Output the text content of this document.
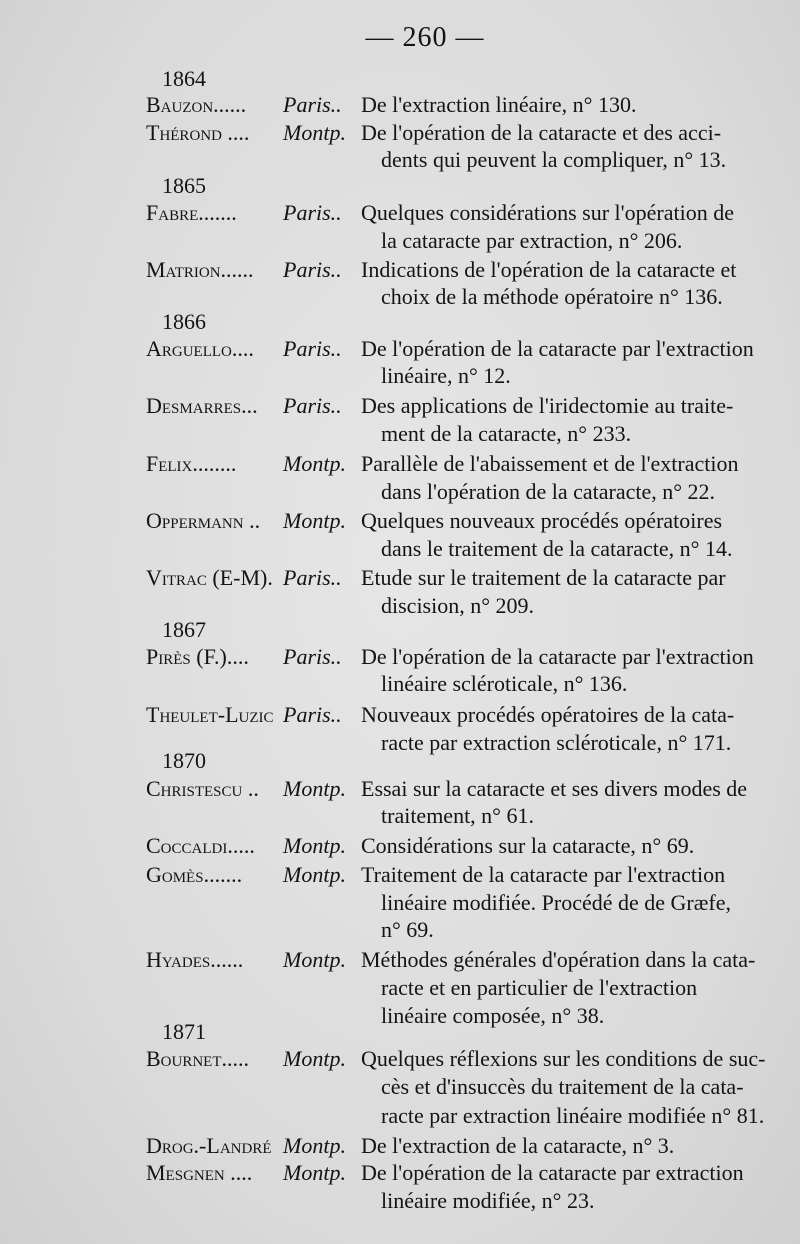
— 260 —
1864
Bauzon...... Paris.. De l'extraction linéaire, n° 130.
Thérond .... Montp. De l'opération de la cataracte et des acci-
dents qui peuvent la compliquer, n° 13.
1865
Fabre....... Paris.. Quelques considérations sur l'opération de
la cataracte par extraction, n° 206.
Matrion...... Paris.. Indications de l'opération de la cataracte et
choix de la méthode opératoire n° 136.
1866
Arguello.... Paris.. De l'opération de la cataracte par l'extraction
linéaire, n° 12.
Desmarres... Paris.. Des applications de l'iridectomie au traite-
ment de la cataracte, n° 233.
Felix........ Montp. Parallèle de l'abaissement et de l'extraction
dans l'opération de la cataracte, n° 22.
Oppermann .. Montp. Quelques nouveaux procédés opératoires
dans le traitement de la cataracte, n° 14.
Vitrac (E-M). Paris.. Etude sur le traitement de la cataracte par
discision, n° 209.
1867
Pirès (F.).... Paris.. De l'opération de la cataracte par l'extraction
linéaire scléroticale, n° 136.
Theulet-Luzic Paris.. Nouveaux procédés opératoires de la cata-
racte par extraction scléroticale, n° 171.
1870
Christescu .. Montp. Essai sur la cataracte et ses divers modes de
traitement, n° 61.
Coccaldi..... Montp. Considérations sur la cataracte, n° 69.
Gomès....... Montp. Traitement de la cataracte par l'extraction
linéaire modifiée. Procédé de de Græfe,
n° 69.
Hyades...... Montp. Méthodes générales d'opération dans la cata-
racte et en particulier de l'extraction
linéaire composée, n° 38.
1871
Bournet..... Montp. Quelques réflexions sur les conditions de suc-
cès et d'insuccès du traitement de la cata-
racte par extraction linéaire modifiée n° 81.
Drog.-Landré Montp. De l'extraction de la cataracte, n° 3.
Mesgnen .... Montp. De l'opération de la cataracte par extraction
linéaire modifiée, n° 23.
